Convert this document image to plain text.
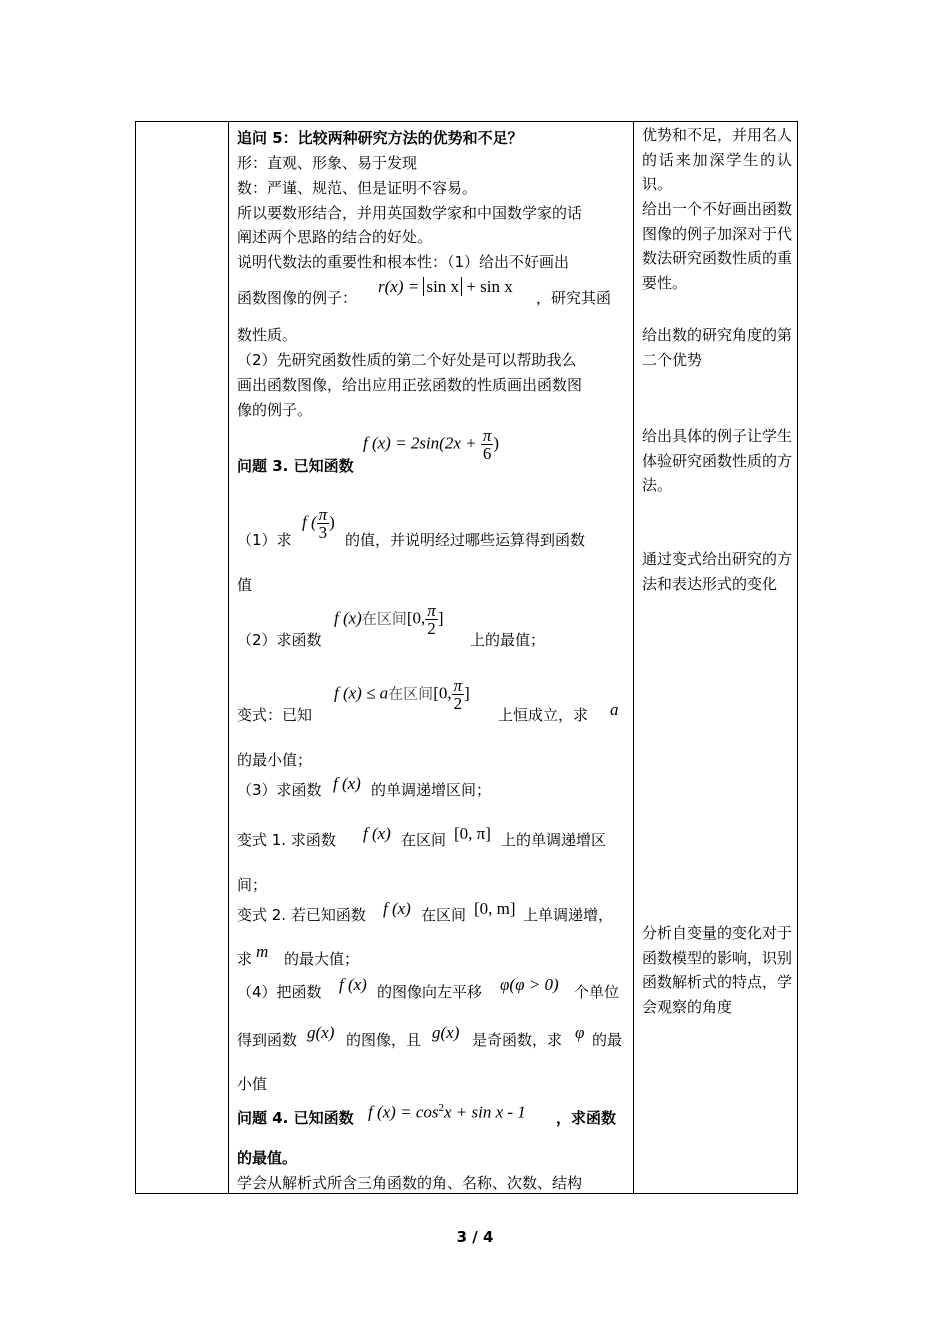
追问 5：比较两种研究方法的优势和不足？
形：直观、形象、易于发现
数：严谨、规范、但是证明不容易。
所以要数形结合，并用英国数学家和中国数学家的话
阐述两个思路的结合的好处。
说明代数法的重要性和根本性：（1）给出不好画出
函数图像的例子：
r(x) = sin x + sin x
，研究其函
数性质。
（2）先研究函数性质的第二个好处是可以帮助我么
画出函数图像，给出应用正弦函数的性质画出函数图
像的例子。
f $(x) = 2\sin(2x + \frac{\pi}{6}$ )
问题 3. 已知函数
（1）求
f ( $\frac{\pi}{3}$ )
的值，并说明经过哪些运算得到函数
值
（2）求函数
f (x)在区间[0, $\frac{\pi}{2}$ ]
上的最值；
变式：已知
f (x) ≤ a在区间[0, $\frac{\pi}{2}$ ]
上恒成立，求 a
的最小值；
（3）求函数 f (x) 的单调递增区间；
变式 1. 求函数 f (x) 在区间 [0, π] 上的单调递增区
间；
变式 2. 若已知函数 f (x) 在区间 [0, m] 上单调递增，
求 m 的最大值；
（4）把函数 f (x) 的图像向左平移 φ(φ > 0) 个单位
得到函数 g(x) 的图像，且 g(x) 是奇函数，求 φ 的最
小值
问题 4. 已知函数 f $(x) = \cos^2x + \sin x - 1$ ，求函数
的最值。
学会从解析式所含三角函数的角、名称、次数、结构
优势和不足，并用名人的话来加深学生的认识。
给出一个不好画出函数图像的例子加深对于代数法研究函数性质的重要性。
给出数的研究角度的第二个优势
给出具体的例子让学生体验研究函数性质的方法。
通过变式给出研究的方法和表达形式的变化
分析自变量的变化对于函数模型的影响，识别函数解析式的特点，学会观察的角度
3 / 4
